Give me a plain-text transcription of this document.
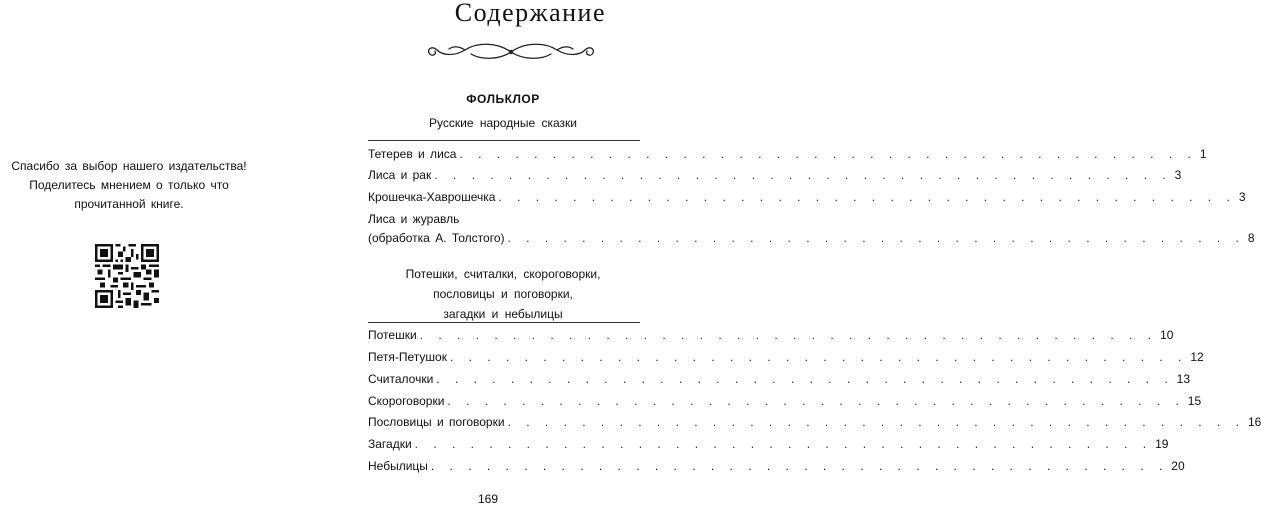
Спасибо за выбор нашего издательства!
Поделитесь мнением о только что
прочитанной книге.
Содержание
ФОЛЬКЛОР
Русские народные сказки
Тетерев и лиса . . . . . . . . . . . . . . . . . . . . . . . . . . . . . . . . . . . . . . . . 1
Лиса и рак . . . . . . . . . . . . . . . . . . . . . . . . . . . . . . . . . . . . . . . . 3
Крошечка-Хаврошечка . . . . . . . . . . . . . . . . . . . . . . . . . . . . . . . . . . . . . . . . 3
Лиса и журавль
(обработка А. Толстого) . . . . . . . . . . . . . . . . . . . . . . . . . . . . . . . . . . . . . . . . 8
Потешки, считалки, скороговорки,
пословицы и поговорки,
загадки и небылицы
Потешки . . . . . . . . . . . . . . . . . . . . . . . . . . . . . . . . . . . . . . . . 10
Петя-Петушок . . . . . . . . . . . . . . . . . . . . . . . . . . . . . . . . . . . . . . . . 12
Считалочки . . . . . . . . . . . . . . . . . . . . . . . . . . . . . . . . . . . . . . . . 13
Скороговорки . . . . . . . . . . . . . . . . . . . . . . . . . . . . . . . . . . . . . . . . 15
Пословицы и поговорки . . . . . . . . . . . . . . . . . . . . . . . . . . . . . . . . . . . . . . . . 16
Загадки . . . . . . . . . . . . . . . . . . . . . . . . . . . . . . . . . . . . . . . . 19
Небылицы . . . . . . . . . . . . . . . . . . . . . . . . . . . . . . . . . . . . . . . . 20
169
